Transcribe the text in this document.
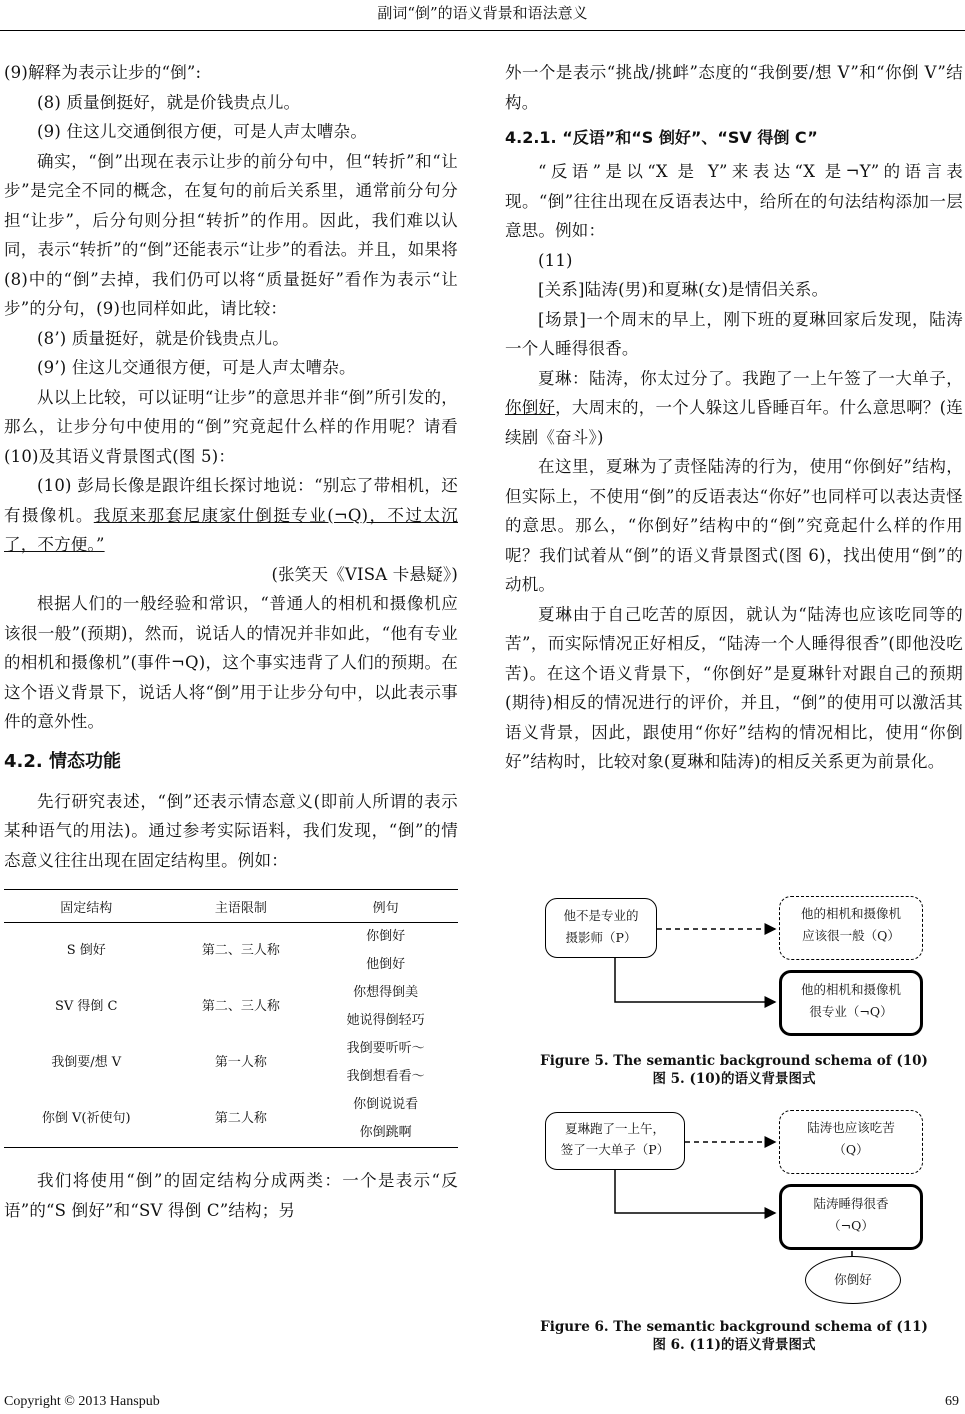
副词“倒”的语义背景和语法意义

(9)解释为表示让步的“倒”:

(8) 质量倒挺好，就是价钱贵点儿。

(9) 住这儿交通倒很方便，可是人声太嘈杂。

确实，“倒”出现在表示让步的前分句中，但“转折”和“让步”是完全不同的概念，在复句的前后关系里，通常前分句分担“让步”，后分句则分担“转折”的作用。因此，我们难以认同，表示“转折”的“倒”还能表示“让步”的看法。并且，如果将(8)中的“倒”去掉，我们仍可以将“质量挺好”看作为表示“让步”的分句，(9)也同样如此，请比较：

(8’) 质量挺好，就是价钱贵点儿。

(9’) 住这儿交通很方便，可是人声太嘈杂。

从以上比较，可以证明“让步”的意思并非“倒”所引发的，那么，让步分句中使用的“倒”究竟起什么样的作用呢？请看(10)及其语义背景图式(图 5)：

(10) 彭局长像是跟许组长探讨地说：“别忘了带相机，还有摄像机。我原来那套尼康家什倒挺专业(¬Q)，不过太沉了，不方便。”

(张笑天《VISA 卡悬疑》)

根据人们的一般经验和常识，“普通人的相机和摄像机应该很一般”(预期)，然而，说话人的情况并非如此，“他有专业的相机和摄像机”(事件¬Q)，这个事实违背了人们的预期。在这个语义背景下，说话人将“倒”用于让步分句中，以此表示事件的意外性。

4.2. 情态功能

先行研究表述，“倒”还表示情态意义(即前人所谓的表示某种语气的用法)。通过参考实际语料，我们发现，“倒”的情态意义往往出现在固定结构里。例如：

固定结构	主语限制	例句
S 倒好	第二、三人称	你倒好
		他倒好
SV 得倒 C	第二、三人称	你想得倒美
		她说得倒轻巧
我倒要/想 V	第一人称	我倒要听听～
		我倒想看看～
你倒 V(祈使句)	第二人称	你倒说说看
		你倒跳啊

我们将使用“倒”的固定结构分成两类：一个是表示“反语”的“S 倒好”和“SV 得倒 C”结构；另

外一个是表示“挑战/挑衅”态度的“我倒要/想 V”和“你倒 V”结构。

4.2.1. “反语”和“S 倒好”、“SV 得倒 C”

“反语”是以“X 是 Y”来表达“X 是¬Y”的语言表现。“倒”往往出现在反语表达中，给所在的句法结构添加一层意思。例如：

(11)

[关系]陆涛(男)和夏琳(女)是情侣关系。

[场景]一个周末的早上，刚下班的夏琳回家后发现，陆涛一个人睡得很香。

夏琳：陆涛，你太过分了。我跑了一上午签了一大单子，你倒好，大周末的，一个人躲这儿昏睡百年。什么意思啊？(连续剧《奋斗》)

在这里，夏琳为了责怪陆涛的行为，使用“你倒好”结构，但实际上，不使用“倒”的反语表达“你好”也同样可以表达责怪的意思。那么，“你倒好”结构中的“倒”究竟起什么样的作用呢？我们试着从“倒”的语义背景图式(图 6)，找出使用“倒”的动机。

夏琳由于自己吃苦的原因，就认为“陆涛也应该吃同等的苦”，而实际情况正好相反，“陆涛一个人睡得很香”(即他没吃苦)。在这个语义背景下，“你倒好”是夏琳针对跟自己的预期(期待)相反的情况进行的评价，并且，“倒”的使用可以激活其语义背景，因此，跟使用“你好”结构的情况相比，使用“你倒好”结构时，比较对象(夏琳和陆涛)的相反关系更为前景化。

他不是专业的
摄影师（P）
他的相机和摄像机
应该很一般（Q）
他的相机和摄像机
很专业（¬Q）
Figure 5. The semantic background schema of (10)
图 5. (10)的语义背景图式
夏琳跑了一上午，
签了一大单子（P）
陆涛也应该吃苦
（Q）
陆涛睡得很香
（¬Q）
你倒好
Figure 6. The semantic background schema of (11)
图 6. (11)的语义背景图式
Copyright © 2013 Hanspub	69
